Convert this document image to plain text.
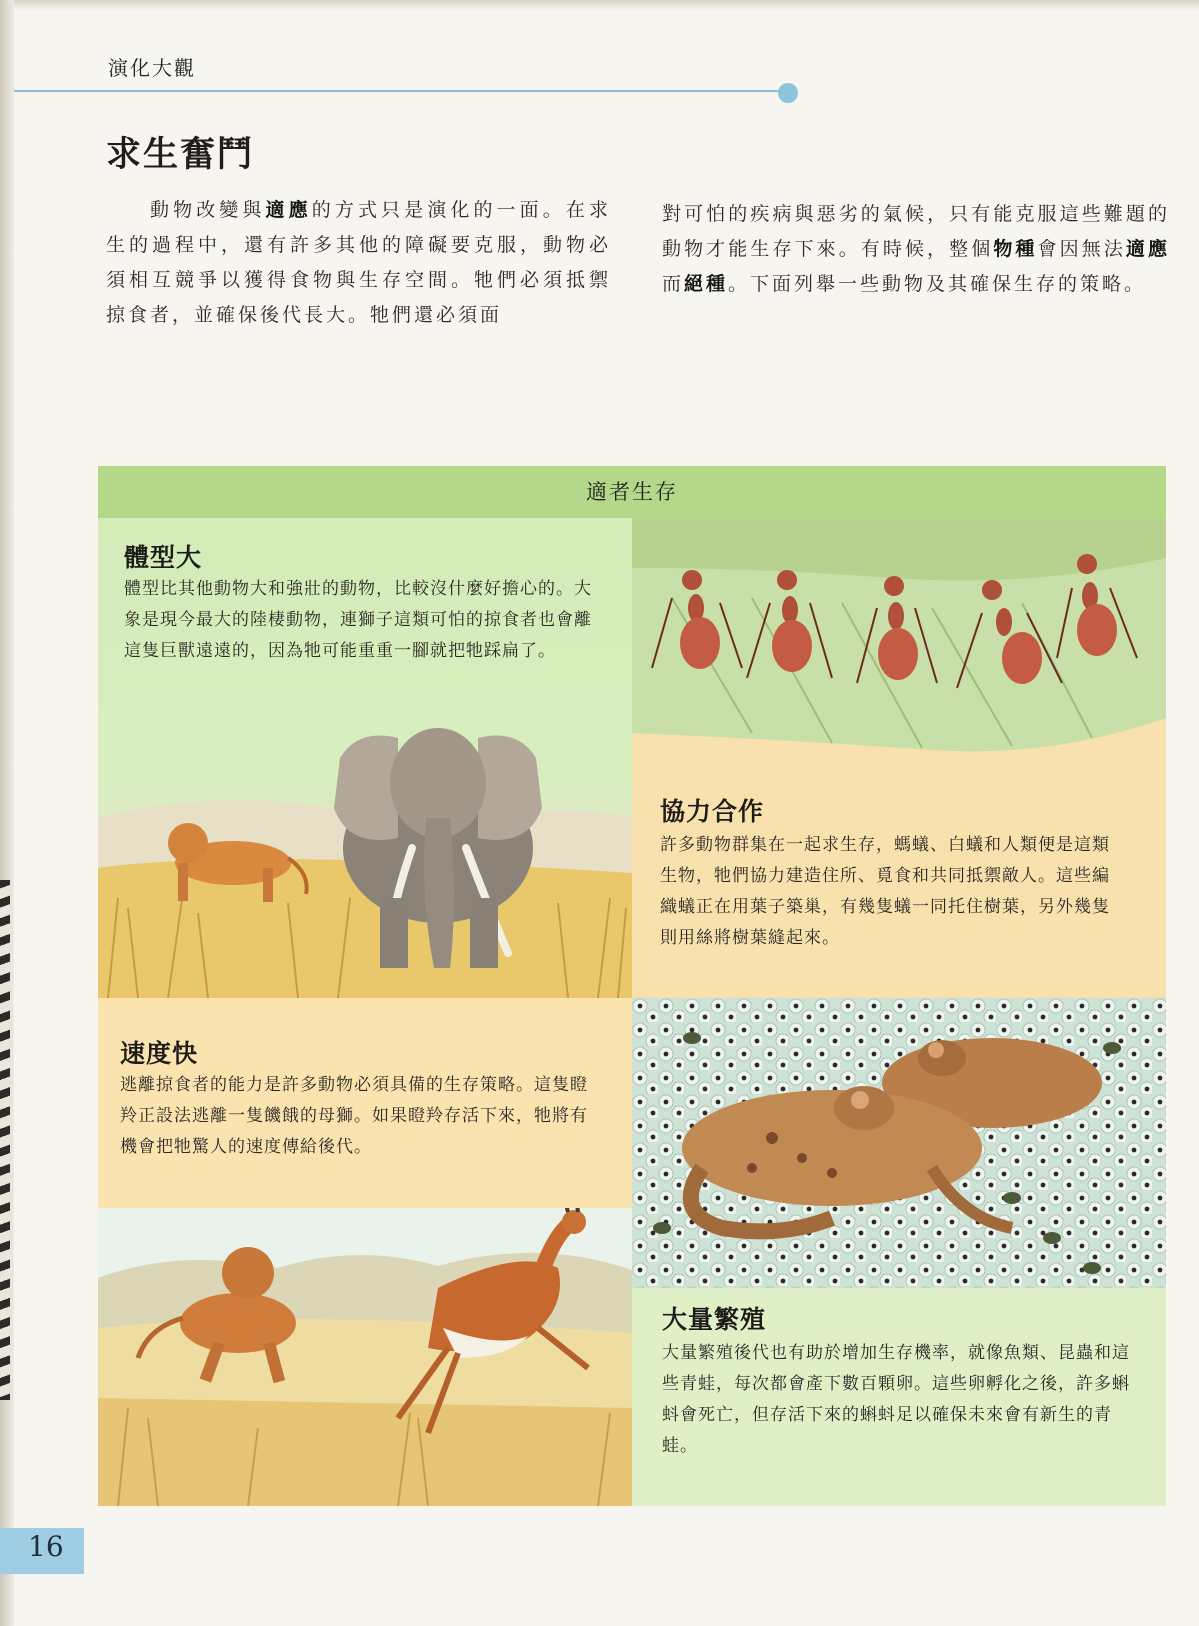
演化大觀
求生奮鬥
動物改變與適應的方式只是演化的一面。在求生的過程中，還有許多其他的障礙要克服，動物必須相互競爭以獲得食物與生存空間。牠們必須抵禦掠食者，並確保後代長大。牠們還必須面
對可怕的疾病與惡劣的氣候，只有能克服這些難題的動物才能生存下來。有時候，整個物種會因無法適應而絕種。下面列舉一些動物及其確保生存的策略。
適者生存
體型大
體型比其他動物大和強壯的動物，比較沒什麼好擔心的。大象是現今最大的陸棲動物，連獅子這類可怕的掠食者也會離這隻巨獸遠遠的，因為牠可能重重一腳就把牠踩扁了。
協力合作
許多動物群集在一起求生存，螞蟻、白蟻和人類便是這類生物，牠們協力建造住所、覓食和共同抵禦敵人。這些編織蟻正在用葉子築巢，有幾隻蟻一同托住樹葉，另外幾隻則用絲將樹葉縫起來。
速度快
逃離掠食者的能力是許多動物必須具備的生存策略。這隻瞪羚正設法逃離一隻饑餓的母獅。如果瞪羚存活下來，牠將有機會把牠驚人的速度傳給後代。
大量繁殖
大量繁殖後代也有助於增加生存機率，就像魚類、昆蟲和這些青蛙，每次都會產下數百顆卵。這些卵孵化之後，許多蝌蚪會死亡，但存活下來的蝌蚪足以確保未來會有新生的青蛙。
16
